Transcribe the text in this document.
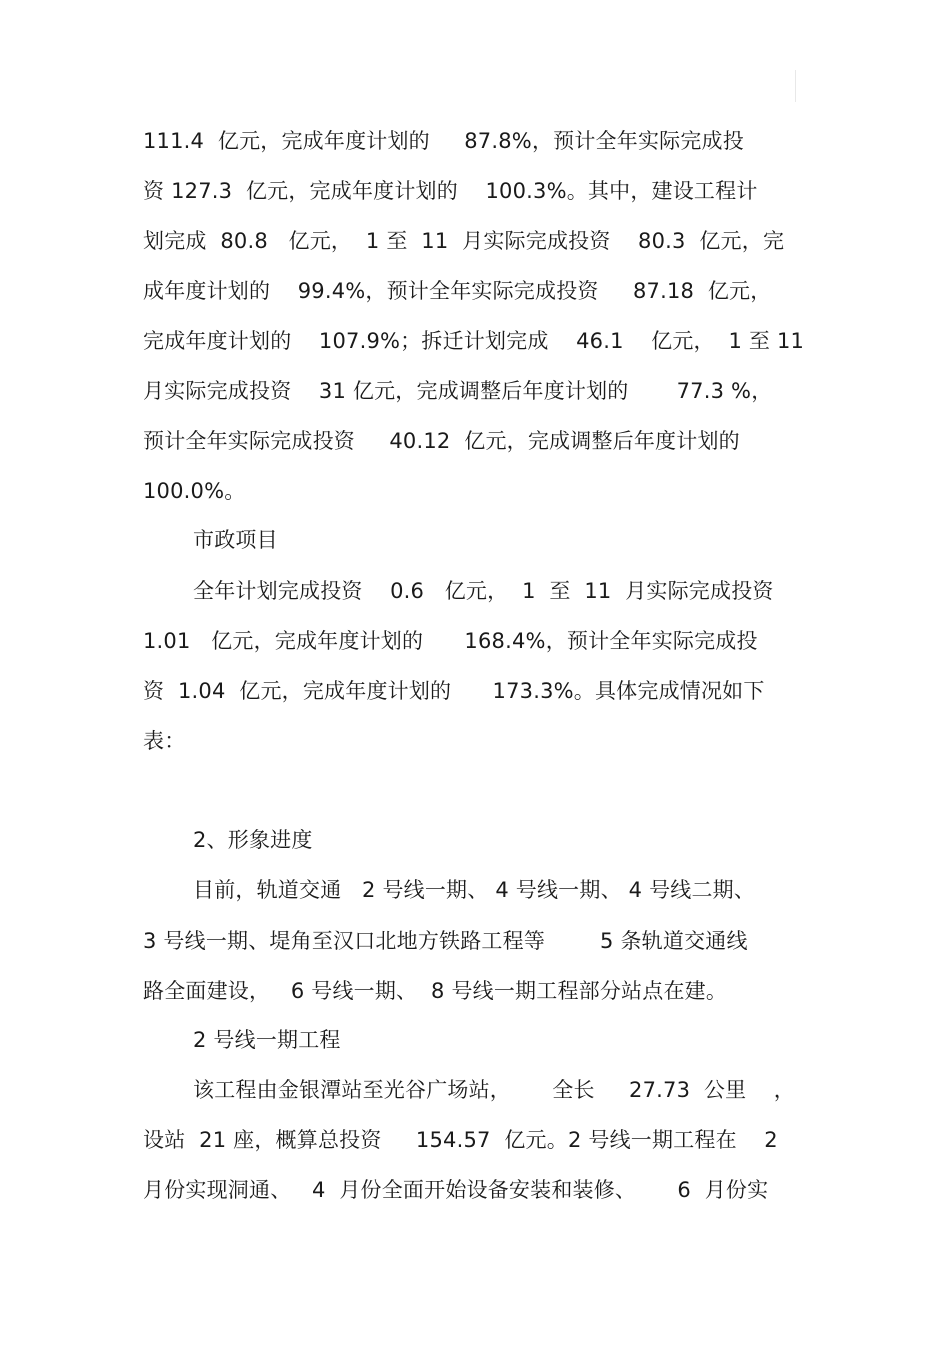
111.4  亿元，完成年度计划的     87.8%，预计全年实际完成投
资 127.3  亿元，完成年度计划的    100.3%。其中，建设工程计
划完成  80.8   亿元，  1 至  11  月实际完成投资    80.3  亿元，完
成年度计划的    99.4%，预计全年实际完成投资     87.18  亿元，
完成年度计划的    107.9%；拆迁计划完成    46.1    亿元，  1 至 11
月实际完成投资    31 亿元，完成调整后年度计划的       77.3 %，
预计全年实际完成投资     40.12  亿元，完成调整后年度计划的
100.0%。
市政项目
全年计划完成投资    0.6   亿元，  1  至  11  月实际完成投资
1.01   亿元，完成年度计划的      168.4%，预计全年实际完成投
资  1.04  亿元，完成年度计划的      173.3%。具体完成情况如下
表：
2、形象进度
目前，轨道交通   2 号线一期、 4 号线一期、 4 号线二期、
3 号线一期、堤角至汉口北地方铁路工程等        5 条轨道交通线
路全面建设，   6 号线一期、  8 号线一期工程部分站点在建。
2 号线一期工程
该工程由金银潭站至光谷广场站，      全长     27.73  公里    ，
设站  21 座，概算总投资     154.57  亿元。2 号线一期工程在    2
月份实现洞通、   4  月份全面开始设备安装和装修、      6  月份实
